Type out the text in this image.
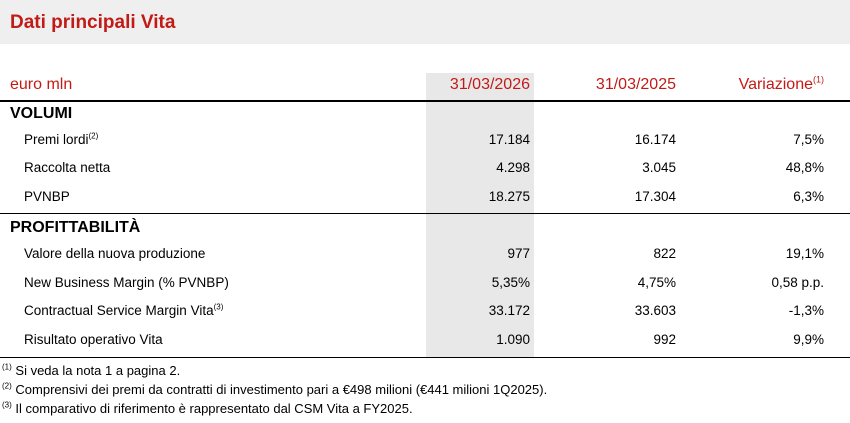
Dati principali Vita
euro mln	31/03/2026	31/03/2025	Variazione$^{(1)}$
VOLUMI
Premi lordi$^{(2)}$	17.184	16.174	7,5%
Raccolta netta	4.298	3.045	48,8%
PVNBP	18.275	17.304	6,3%
PROFITTABILITÀ
Valore della nuova produzione	977	822	19,1%
New Business Margin (% PVNBP)	5,35%	4,75%	0,58 p.p.
Contractual Service Margin Vita$^{(3)}$	33.172	33.603	-1,3%
Risultato operativo Vita	1.090	992	9,9%
$^{(1)}$ Si veda la nota 1 a pagina 2.
$^{(2)}$ Comprensivi dei premi da contratti di investimento pari a €498 milioni (€441 milioni 1Q2025).
$^{(3)}$ Il comparativo di riferimento è rappresentato dal CSM Vita a FY2025.
